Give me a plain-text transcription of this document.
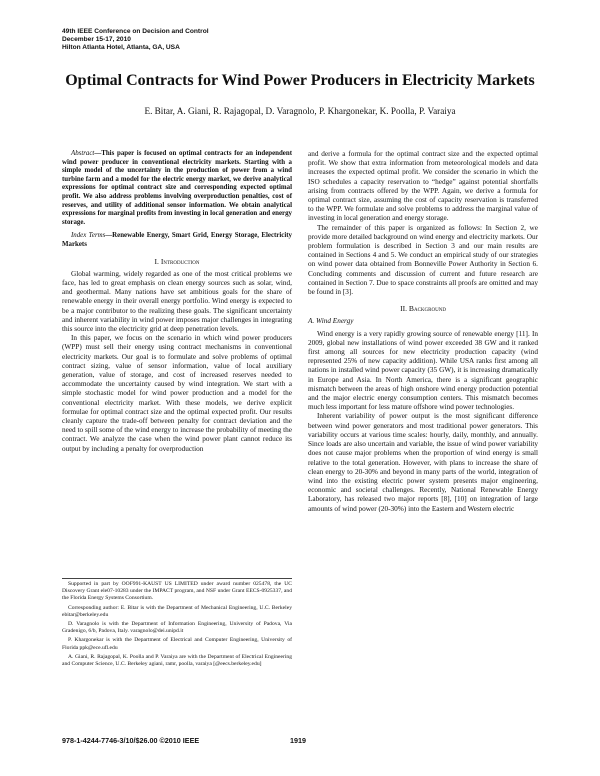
49th IEEE Conference on Decision and Control
December 15-17, 2010
Hilton Atlanta Hotel, Atlanta, GA, USA
Optimal Contracts for Wind Power Producers in Electricity Markets
E. Bitar, A. Giani, R. Rajagopal, D. Varagnolo, P. Khargonekar, K. Poolla, P. Varaiya

Abstract—This paper is focused on optimal contracts for an independent wind power producer in conventional electricity markets. Starting with a simple model of the uncertainty in the production of power from a wind turbine farm and a model for the electric energy market, we derive analytical expressions for optimal contract size and corresponding expected optimal profit. We also address problems involving overproduction penalties, cost of reserves, and utility of additional sensor information. We obtain analytical expressions for marginal profits from investing in local generation and energy storage.

Index Terms—Renewable Energy, Smart Grid, Energy Storage, Electricity Markets

I. Introduction

Global warming, widely regarded as one of the most critical problems we face, has led to great emphasis on clean energy sources such as solar, wind, and geothermal. Many nations have set ambitious goals for the share of renewable energy in their overall energy portfolio. Wind energy is expected to be a major contributor to the realizing these goals. The significant uncertainty and inherent variability in wind power imposes major challenges in integrating this source into the electricity grid at deep penetration levels.

In this paper, we focus on the scenario in which wind power producers (WPP) must sell their energy using contract mechanisms in conventional electricity markets. Our goal is to formulate and solve problems of optimal contract sizing, value of sensor information, value of local auxiliary generation, value of storage, and cost of increased reserves needed to accommodate the uncertainty caused by wind integration. We start with a simple stochastic model for wind power production and a model for the conventional electricity market. With these models, we derive explicit formulae for optimal contract size and the optimal expected profit. Our results cleanly capture the trade-off between penalty for contract deviation and the need to spill some of the wind energy to increase the probability of meeting the contract. We analyze the case when the wind power plant cannot reduce its output by including a penalty for overproduction

and derive a formula for the optimal contract size and the expected optimal profit. We show that extra information from meteorological models and data increases the expected optimal profit. We consider the scenario in which the ISO schedules a capacity reservation to “hedge” against potential shortfalls arising from contracts offered by the WPP. Again, we derive a formula for optimal contract size, assuming the cost of capacity reservation is transferred to the WPP. We formulate and solve problems to address the marginal value of investing in local generation and energy storage.

The remainder of this paper is organized as follows: In Section 2, we provide more detailed background on wind energy and electricity markets. Our problem formulation is described in Section 3 and our main results are contained in Sections 4 and 5. We conduct an empirical study of our strategies on wind power data obtained from Bonneville Power Authority in Section 6. Concluding comments and discussion of current and future research are contained in Section 7. Due to space constraints all proofs are omitted and may be found in [3].

II. Background
A. Wind Energy

Wind energy is a very rapidly growing source of renewable energy [11]. In 2009, global new installations of wind power exceeded 38 GW and it ranked first among all sources for new electricity production capacity (wind represented 25% of new capacity addition). While USA ranks first among all nations in installed wind power capacity (35 GW), it is increasing dramatically in Europe and Asia. In North America, there is a significant geographic mismatch between the areas of high onshore wind energy production potential and the major electric energy consumption centers. This mismatch becomes much less important for less mature offshore wind power technologies.

Inherent variability of power output is the most significant difference between wind power generators and most traditional power generators. This variability occurs at various time scales: hourly, daily, monthly, and annually. Since loads are also uncertain and variable, the issue of wind power variability does not cause major problems when the proportion of wind energy is small relative to the total generation. However, with plans to increase the share of clean energy to 20-30% and beyond in many parts of the world, integration of wind into the existing electric power system presents major engineering, economic and societal challenges. Recently, National Renewable Energy Laboratory, has released two major reports [8], [10] on integration of large amounts of wind power (20-30%) into the Eastern and Western electric

Supported in part by OOF991-KAUST US LIMITED under award number 025478, the UC Discovery Grant ele07-10283 under the IMPACT program, and NSF under Grant EECS-0925337, and the Florida Energy Systems Consortium.

Corresponding author: E. Bitar is with the Department of Mechanical Engineering, U.C. Berkeley ebitar@berkeley.edu

D. Varagnolo is with the Department of Information Engineering, University of Padova, Via Gradenigo, 6/b, Padova, Italy. varagnolo@dei.unipd.it

P. Khargonekar is with the Department of Electrical and Computer Engineering, University of Florida ppk@ece.ufl.edu

A. Giani, R. Rajagopal, K. Poolla and P. Varaiya are with the Department of Electrical Engineering and Computer Science, U.C. Berkeley agiani, ramr, poolla, varaiya [@eecs.berkeley.edu]

978-1-4244-7746-3/10/$26.00 ©2010 IEEE	1919
